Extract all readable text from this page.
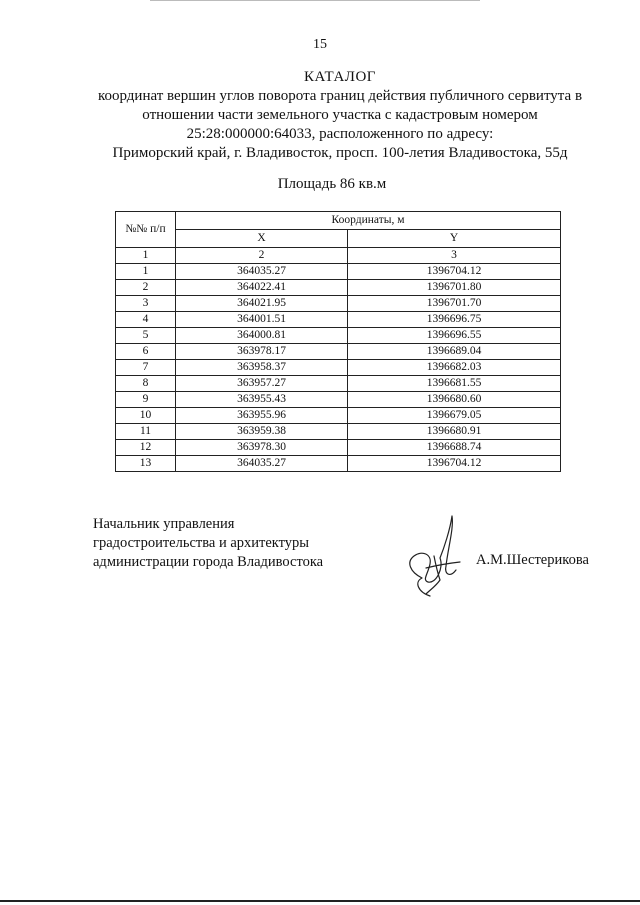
15
КАТАЛОГ
координат вершин углов поворота границ действия публичного сервитута в
отношении части земельного участка с кадастровым номером
25:28:000000:64033, расположенного по адресу:
Приморский край, г. Владивосток, просп. 100-летия Владивостока, 55д
Площадь 86 кв.м
№№ п/п	Координаты, м	
	X	Y
1	2	3
1	364035.27	1396704.12
2	364022.41	1396701.80
3	364021.95	1396701.70
4	364001.51	1396696.75
5	364000.81	1396696.55
6	363978.17	1396689.04
7	363958.37	1396682.03
8	363957.27	1396681.55
9	363955.43	1396680.60
10	363955.96	1396679.05
11	363959.38	1396680.91
12	363978.30	1396688.74
13	364035.27	1396704.12
Начальник управления
градостроительства и архитектуры
администрации города Владивостока	А.М.Шестерикова
